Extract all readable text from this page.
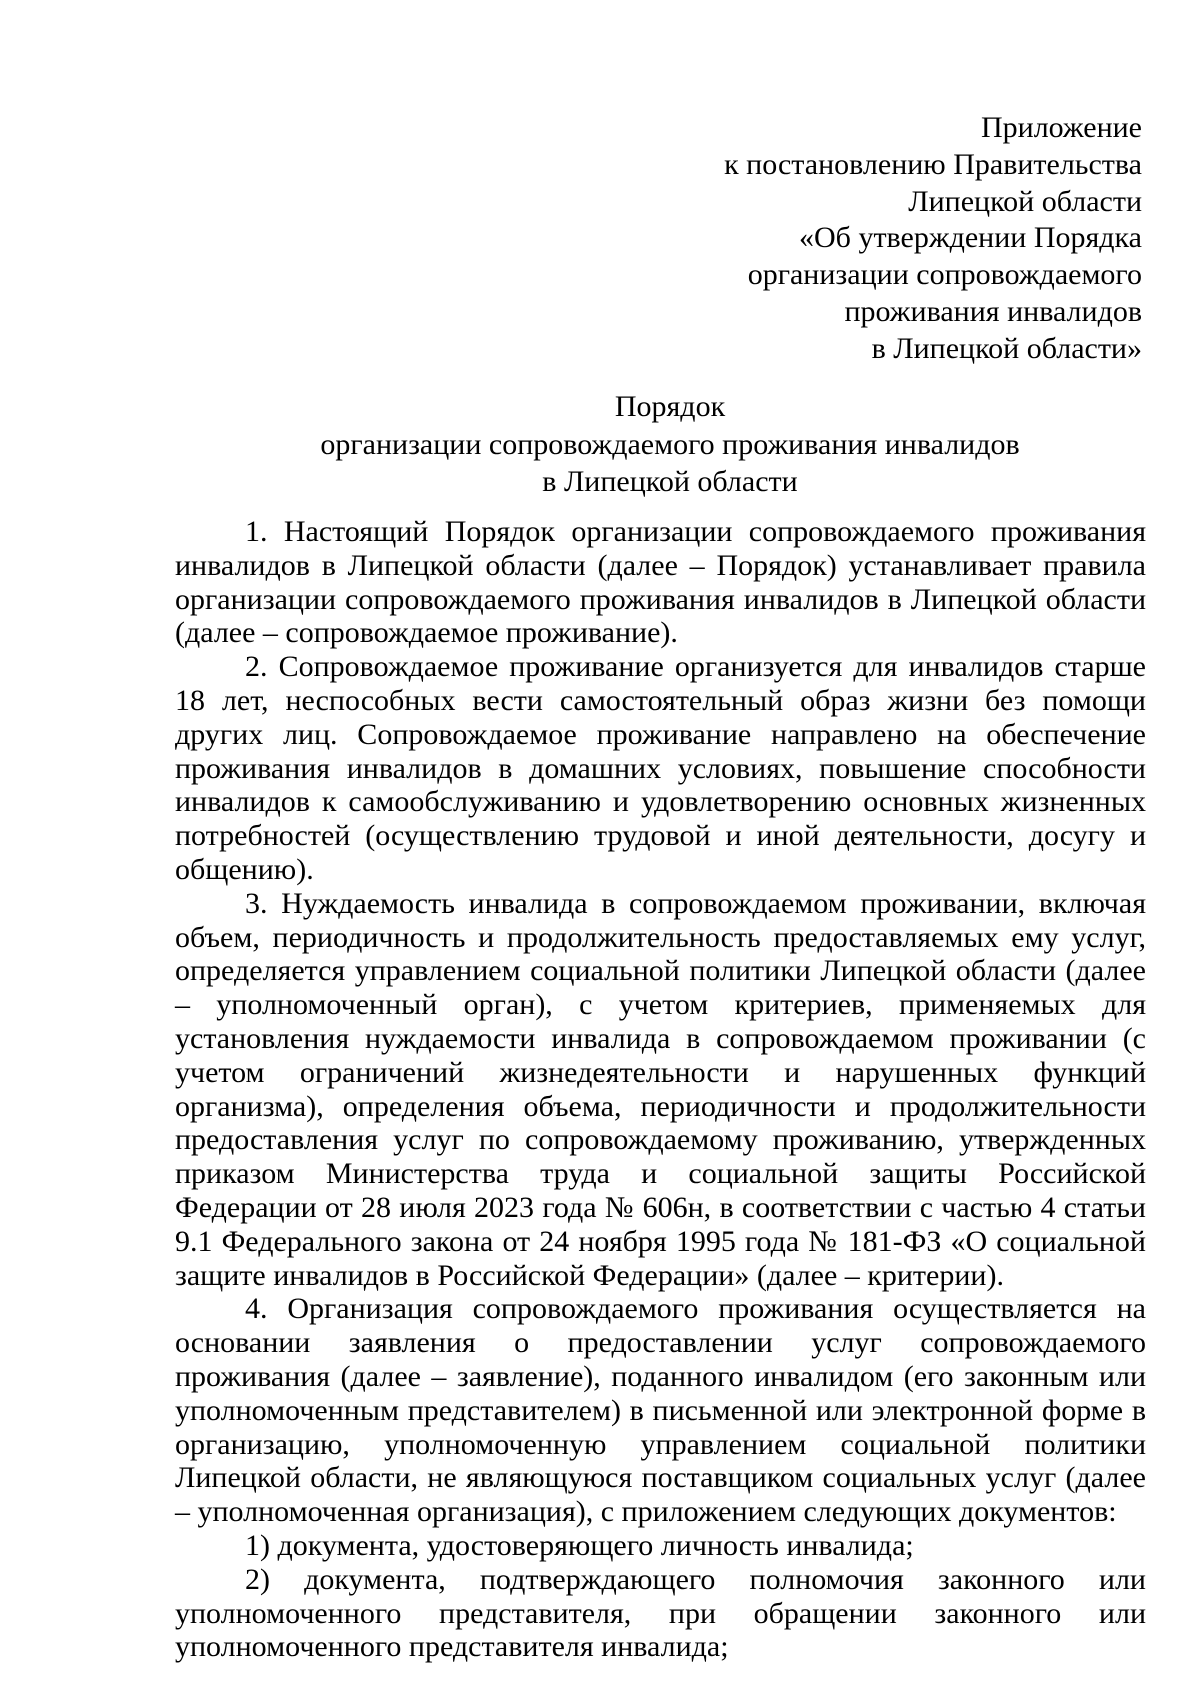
Приложение
к постановлению Правительства
Липецкой области
«Об утверждении Порядка
организации сопровождаемого
проживания инвалидов
в Липецкой области»
Порядок
организации сопровождаемого проживания инвалидов
в Липецкой области

1. Настоящий Порядок организации сопровождаемого проживания инвалидов в Липецкой области (далее – Порядок) устанавливает правила организации сопровождаемого проживания инвалидов в Липецкой области (далее – сопровождаемое проживание).

2. Сопровождаемое проживание организуется для инвалидов старше 18 лет, неспособных вести самостоятельный образ жизни без помощи других лиц. Сопровождаемое проживание направлено на обеспечение проживания инвалидов в домашних условиях, повышение способности инвалидов к самообслуживанию и удовлетворению основных жизненных потребностей (осуществлению трудовой и иной деятельности, досугу и общению).

3. Нуждаемость инвалида в сопровождаемом проживании, включая объем, периодичность и продолжительность предоставляемых ему услуг, определяется управлением социальной политики Липецкой области (далее – уполномоченный орган), с учетом критериев, применяемых для установления нуждаемости инвалида в сопровождаемом проживании (с учетом ограничений жизнедеятельности и нарушенных функций организма), определения объема, периодичности и продолжительности предоставления услуг по сопровождаемому проживанию, утвержденных приказом Министерства труда и социальной защиты Российской Федерации от 28 июля 2023 года № 606н, в соответствии с частью 4 статьи 9.1 Федерального закона от 24 ноября 1995 года № 181-ФЗ «О социальной защите инвалидов в Российской Федерации» (далее – критерии).

4. Организация сопровождаемого проживания осуществляется на основании заявления о предоставлении услуг сопровождаемого проживания (далее – заявление), поданного инвалидом (его законным или уполномоченным представителем) в письменной или электронной форме в организацию, уполномоченную управлением социальной политики Липецкой области, не являющуюся поставщиком социальных услуг (далее – уполномоченная организация), с приложением следующих документов:

1) документа, удостоверяющего личность инвалида;

2) документа, подтверждающего полномочия законного или уполномоченного представителя, при обращении законного или уполномоченного представителя инвалида;
